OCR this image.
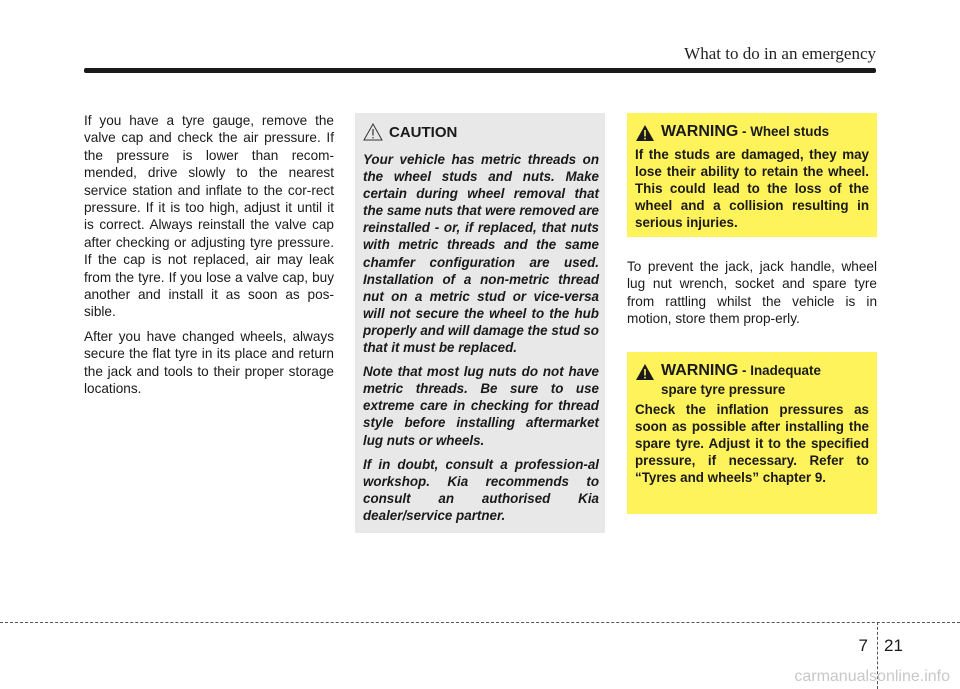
What to do in an emergency

If you have a tyre gauge, remove the valve cap and check the air pressure. If the pressure is lower than recom-mended, drive slowly to the nearest service station and inflate to the cor-rect pressure. If it is too high, adjust it until it is correct. Always reinstall the valve cap after checking or adjusting tyre pressure. If the cap is not replaced, air may leak from the tyre. If you lose a valve cap, buy another and install it as soon as pos-sible.

After you have changed wheels, always secure the flat tyre in its place and return the jack and tools to their proper storage locations.

CAUTION

Your vehicle has metric threads on the wheel studs and nuts. Make certain during wheel removal that the same nuts that were removed are reinstalled - or, if replaced, that nuts with metric threads and the same chamfer configuration are used. Installation of a non-metric thread nut on a metric stud or vice-versa will not secure the wheel to the hub properly and will damage the stud so that it must be replaced.

Note that most lug nuts do not have metric threads. Be sure to use extreme care in checking for thread style before installing aftermarket lug nuts or wheels.

If in doubt, consult a profession-al workshop. Kia recommends to consult an authorised Kia dealer/service partner.

WARNING - Wheel studs

If the studs are damaged, they may lose their ability to retain the wheel. This could lead to the loss of the wheel and a collision resulting in serious injuries.

To prevent the jack, jack handle, wheel lug nut wrench, socket and spare tyre from rattling whilst the vehicle is in motion, store them prop-erly.

WARNING - Inadequate
spare tyre pressure

Check the inflation pressures as soon as possible after installing the spare tyre. Adjust it to the specified pressure, if necessary. Refer to “Tyres and wheels” chapter 9.

7 21
carmanualsonline.info
